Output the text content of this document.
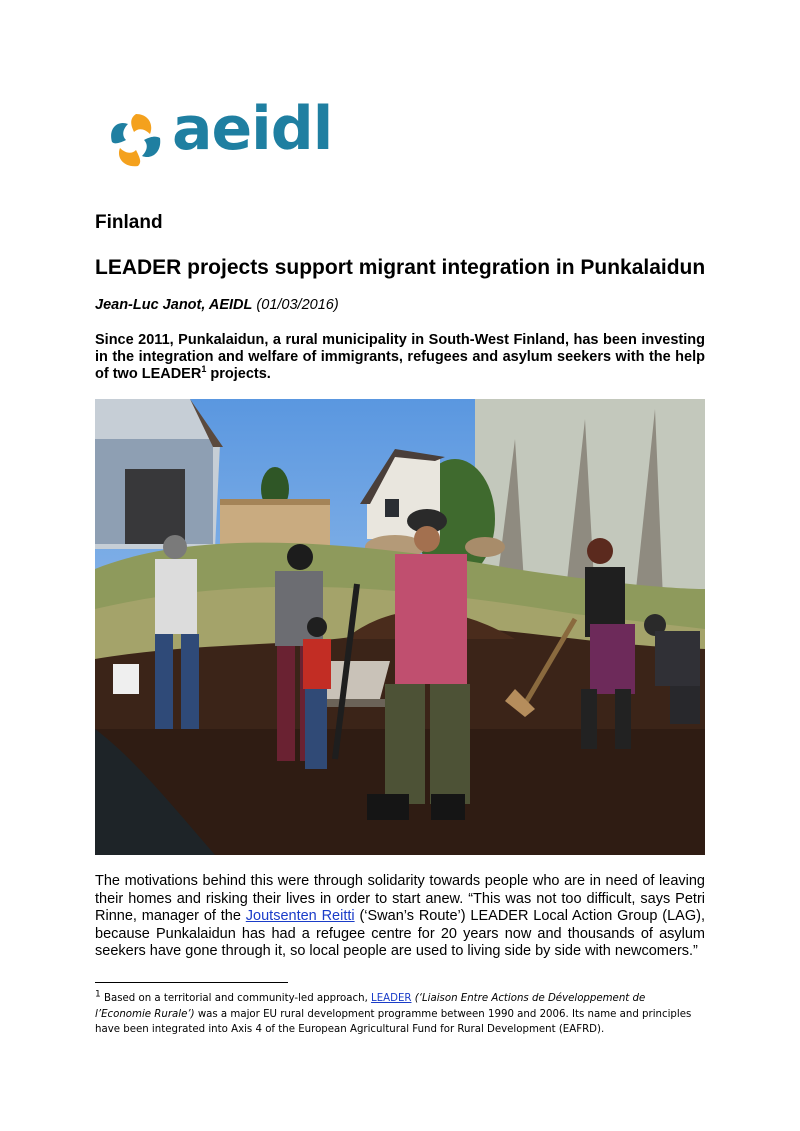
aeidl
Finland
LEADER projects support migrant integration in Punkalaidun

Jean-Luc Janot, AEIDL (01/03/2016)

Since 2011, Punkalaidun, a rural municipality in South-West Finland, has been investing in the integration and welfare of immigrants, refugees and asylum seekers with the help of two LEADER$^1$ projects.

The motivations behind this were through solidarity towards people who are in need of leaving their homes and risking their lives in order to start anew. “This was not too difficult, says Petri Rinne, manager of the Joutsenten Reitti (‘Swan’s Route’) LEADER Local Action Group (LAG), because Punkalaidun has had a refugee centre for 20 years now and thousands of asylum seekers have gone through it, so local people are used to living side by side with newcomers.”

$^1$ Based on a territorial and community-led approach, LEADER (‘Liaison Entre Actions de Développement de l’Economie Rurale’) was a major EU rural development programme between 1990 and 2006. Its name and principles have been integrated into Axis 4 of the European Agricultural Fund for Rural Development (EAFRD).
